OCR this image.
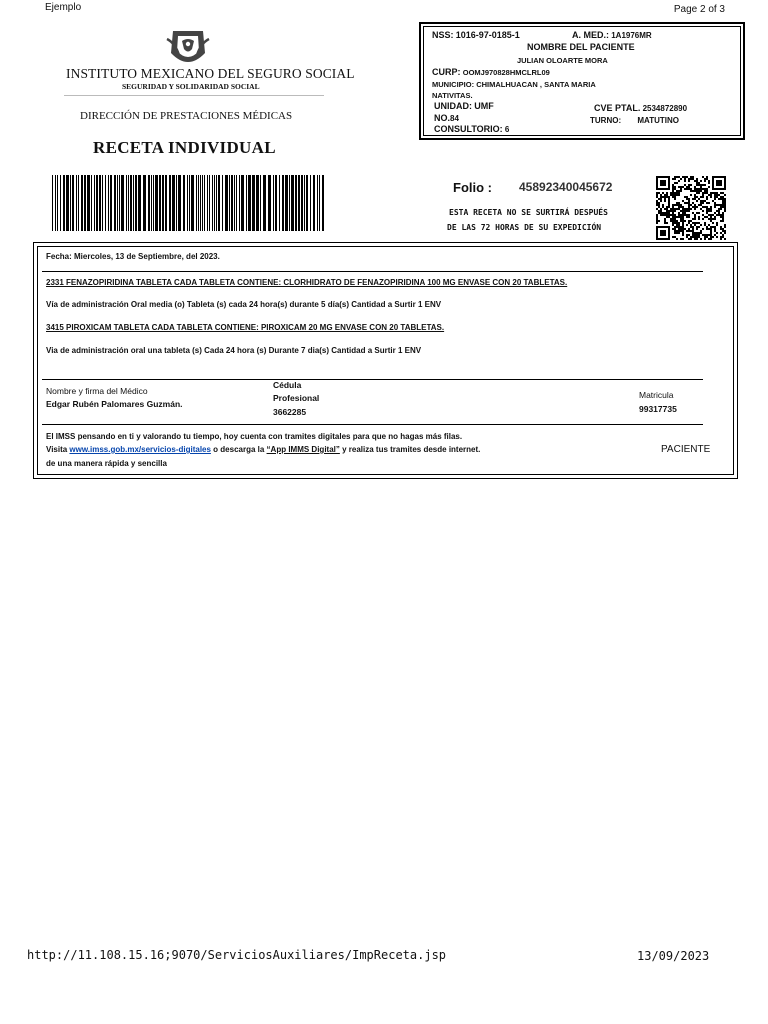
Ejemplo	Page 2 of 3
INSTITUTO MEXICANO DEL SEGURO SOCIAL
SEGURIDAD Y SOLIDARIDAD SOCIAL
DIRECCIÓN DE PRESTACIONES MÉDICAS
RECETA INDIVIDUAL
NSS: 1016-97-0185-1	A. MED.: 1A1976MR
NOMBRE DEL PACIENTE
JULIAN OLOARTE MORA
CURP: OOMJ970828HMCLRL09
MUNICIPIO: CHIMALHUACAN , SANTA MARIA
NATIVITAS.
UNIDAD: UMF
NO.84
CONSULTORIO: 6
CVE PTAL. 2534872890
TURNO: MATUTINO
Folio : 45892340045672
ESTA RECETA NO SE SURTIRÁ DESPUÉS
DE LAS 72 HORAS DE SU EXPEDICIÓN
Fecha: Miercoles, 13 de Septiembre, del 2023.
2331 FENAZOPIRIDINA TABLETA CADA TABLETA CONTIENE: CLORHIDRATO DE FENAZOPIRIDINA 100 MG ENVASE CON 20 TABLETAS.
Vía de administración Oral media (o) Tableta (s) cada 24 hora(s) durante 5 día(s) Cantidad a Surtir 1 ENV
3415 PIROXICAM TABLETA CADA TABLETA CONTIENE: PIROXICAM 20 MG ENVASE CON 20 TABLETAS.
Via de administración oral una tableta (s) Cada 24 hora (s) Durante 7 dia(s) Cantidad a Surtir 1 ENV
Nombre y firma del Médico
Edgar Rubén Palomares Guzmán.
Cédula
Profesional
3662285
Matricula
99317735
El IMSS pensando en ti y valorando tu tiempo, hoy cuenta con tramites digitales para que no hagas más filas.
Visita www.imss.gob.mx/servicios-digitales o descarga la “App IMMS Digital” y realiza tus tramites desde internet.
de una manera rápida y sencilla
PACIENTE
http://11.108.15.16;9070/ServiciosAuxiliares/ImpReceta.jsp	13/09/2023
